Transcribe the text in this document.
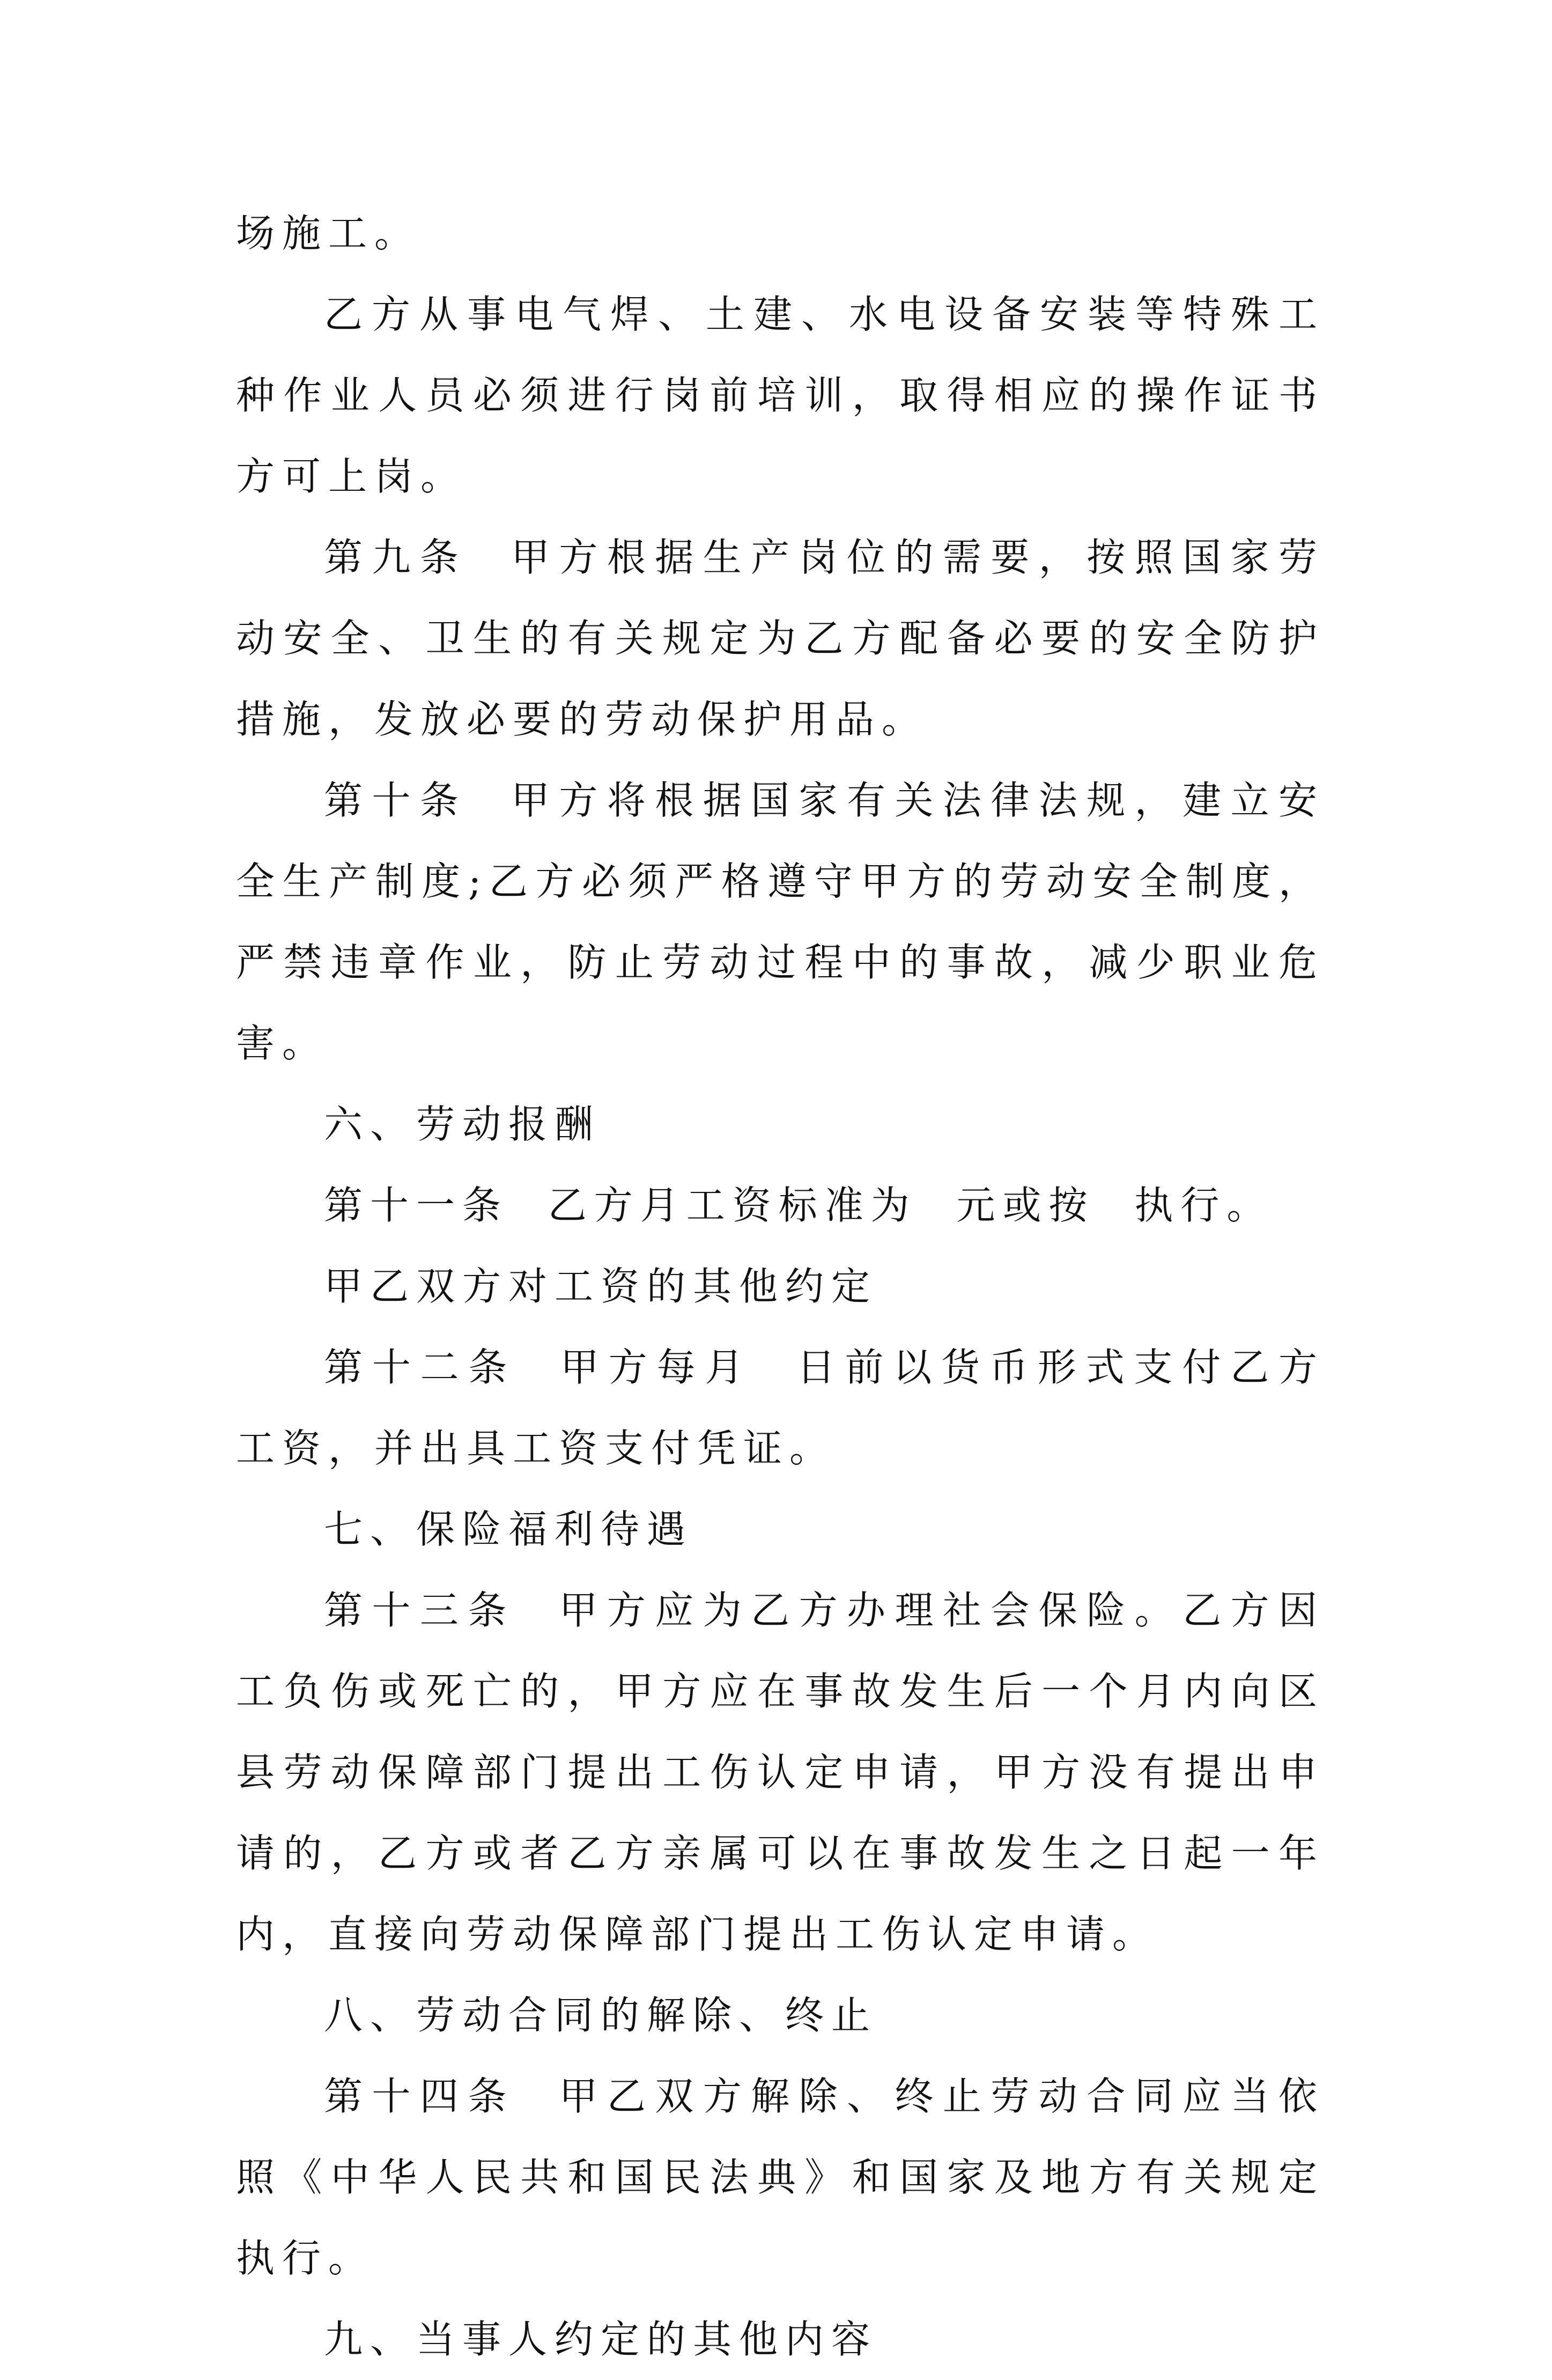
场施工。

乙方从事电气焊、土建、水电设备安装等特殊工种作业人员必须进行岗前培训，取得相应的操作证书方可上岗。

第九条  甲方根据生产岗位的需要，按照国家劳动安全、卫生的有关规定为乙方配备必要的安全防护措施，发放必要的劳动保护用品。

第十条  甲方将根据国家有关法律法规，建立安全生产制度;乙方必须严格遵守甲方的劳动安全制度，严禁违章作业，防止劳动过程中的事故，减少职业危害。

六、劳动报酬

第十一条  乙方月工资标准为  元或按  执行。

甲乙双方对工资的其他约定

第十二条  甲方每月  日前以货币形式支付乙方工资，并出具工资支付凭证。

七、保险福利待遇

第十三条  甲方应为乙方办理社会保险。乙方因工负伤或死亡的，甲方应在事故发生后一个月内向区县劳动保障部门提出工伤认定申请，甲方没有提出申请的，乙方或者乙方亲属可以在事故发生之日起一年内，直接向劳动保障部门提出工伤认定申请。

八、劳动合同的解除、终止

第十四条  甲乙双方解除、终止劳动合同应当依照《中华人民共和国民法典》和国家及地方有关规定执行。

九、当事人约定的其他内容
